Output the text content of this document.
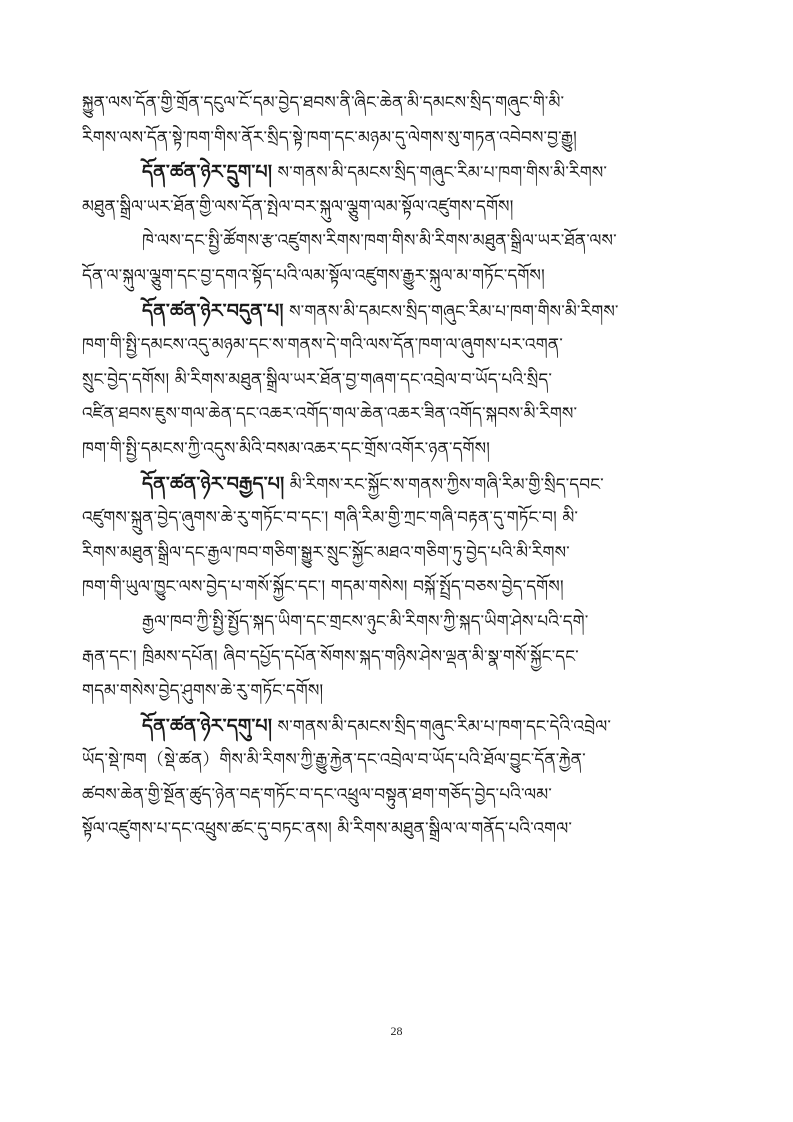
སྐྱུན་ལས་དོན་གྱི་གྲོན་དངུལ་ངོ་དམ་བྱེད་ཐབས་ནི་ཞིང་ཆེན་མི་དམངས་སྲིད་གཞུང་གི་མི་
རིགས་ལས་དོན་སྟེ་ཁག་གིས་ནོར་སྲིད་སྟེ་ཁག་དང་མཉམ་དུ་ལེགས་སུ་གཏན་འབེབས་བྱ་རྒྱུ།
དོན་ཚན་ཉེར་དྲུག་པ། ས་གནས་མི་དམངས་སྲིད་གཞུང་རིམ་པ་ཁག་གིས་མི་རིགས་
མཐུན་སྒྲིལ་ཡར་ཐོན་གྱི་ལས་དོན་སྤེལ་བར་སྐུལ་ལྕུག་ལམ་སྟོལ་འཛུགས་དགོས།
ཁེ་ལས་དང་སྤྱི་ཚོགས་རྩ་འཛུགས་རིགས་ཁག་གིས་མི་རིགས་མཐུན་སྒྲིལ་ཡར་ཐོན་ལས་
དོན་ལ་སྐུལ་ལྕུག་དང་བྱ་དགའ་སྟོད་པའི་ལམ་སྟོལ་འཛུགས་རྒྱུར་སྐུལ་མ་གཏོང་དགོས།
དོན་ཚན་ཉེར་བདུན་པ། ས་གནས་མི་དམངས་སྲིད་གཞུང་རིམ་པ་ཁག་གིས་མི་རིགས་
ཁག་གི་སྤྱི་དམངས་འདུ་མཉམ་དང་ས་གནས་དེ་གའི་ལས་དོན་ཁག་ལ་ཞུགས་པར་འགན་
སྲུང་བྱེད་དགོས། མི་རིགས་མཐུན་སྒྲིལ་ཡར་ཐོན་བྱ་གཞག་དང་འབྲེལ་བ་ཡོད་པའི་སྲིད་
འཛིན་ཐབས་ཇུས་གལ་ཆེན་དང་འཆར་འགོད་གལ་ཆེན་འཆར་ཟིན་འགོད་སྐབས་མི་རིགས་
ཁག་གི་སྤྱི་དམངས་ཀྱི་འདུས་མིའི་བསམ་འཆར་དང་གྲོས་འགོར་ཉན་དགོས།
དོན་ཚན་ཉེར་བརྒྱད་པ། མི་རིགས་རང་སྐྱོང་ས་གནས་ཀྱིས་གཞི་རིམ་གྱི་སྲིད་དབང་
འཛུགས་སྐྲུན་བྱེད་ཞུགས་ཆེ་རུ་གཏོང་བ་དང་། གཞི་རིམ་གྱི་ཀྲང་གཞི་བརྟན་དུ་གཏོང་བ། མི་
རིགས་མཐུན་སྒྲིལ་དང་རྒྱལ་ཁབ་གཅིག་སྒྱུར་སྲུང་སྐྱོང་མཐའ་གཅིག་ཏུ་བྱེད་པའི་མི་རིགས་
ཁག་གི་ཡུལ་ཁྱུང་ལས་བྱེད་པ་གསོ་སྐྱོང་དང་། གདམ་གསེས། བསྐོ་སྤྲོད་བཅས་བྱེད་དགོས།
རྒྱལ་ཁབ་ཀྱི་སྤྱི་སྤྱོད་སྐད་ཡིག་དང་གྲངས་ཉུང་མི་རིགས་ཀྱི་སྐད་ཡིག་ཤེས་པའི་དགེ་
རྒན་དང་། ཁྲིམས་དཔོན། ཞིབ་དཔྱོད་དཔོན་སོགས་སྐད་གཉིས་ཤེས་ལྡན་མི་སྣ་གསོ་སྐྱོང་དང་
གདམ་གསེས་བྱེད་ཤུགས་ཆེ་རུ་གཏོང་དགོས།
དོན་ཚན་ཉེར་དགུ་པ། ས་གནས་མི་དམངས་སྲིད་གཞུང་རིམ་པ་ཁག་དང་དེའི་འབྲེལ་
ཡོད་སྡེ་ཁག（སྡེ་ཚན）གིས་མི་རིགས་ཀྱི་རྒྱུ་རྐྱེན་དང་འབྲེལ་བ་ཡོད་པའི་ཐོལ་བྱུང་དོན་རྐྱེན་
ཚབས་ཆེན་གྱི་སྔོན་ཚུད་ཉེན་བརྡ་གཏོང་བ་དང་འཕྲུལ་བསྟུན་ཐག་གཅོད་བྱེད་པའི་ལམ་
སྟོལ་འཛུགས་པ་དང་འཕྲུས་ཚང་དུ་བཏང་ནས། མི་རིགས་མཐུན་སྒྲིལ་ལ་གནོད་པའི་འགལ་
28
